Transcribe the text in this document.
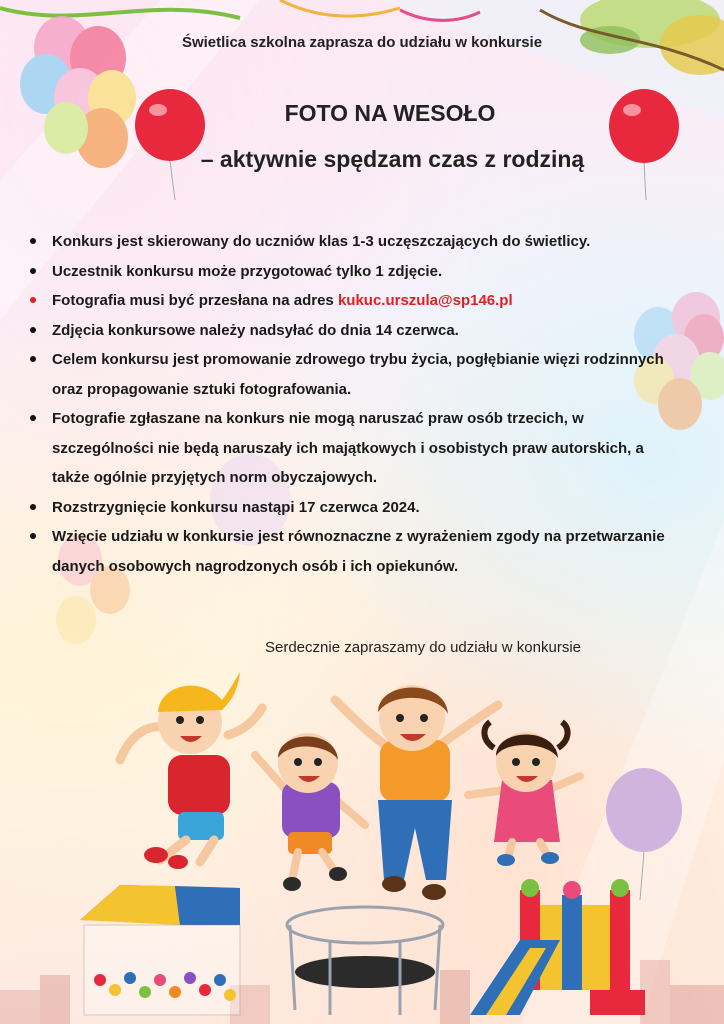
Świetlica szkolna zaprasza do udziału w konkursie
FOTO NA WESOŁO
– aktywnie spędzam czas z rodziną
Konkurs jest skierowany do uczniów klas 1-3 uczęszczających do świetlicy.
Uczestnik konkursu może przygotować tylko 1 zdjęcie.
Fotografia musi być przesłana na adres kukuc.urszula@sp146.pl
Zdjęcia konkursowe należy nadsyłać do dnia 14 czerwca.
Celem konkursu jest promowanie zdrowego trybu życia, pogłębianie więzi rodzinnych oraz propagowanie sztuki fotografowania.
Fotografie zgłaszane na konkurs nie mogą naruszać praw osób trzecich, w szczególności nie będą naruszały ich majątkowych i osobistych praw autorskich, a także ogólnie przyjętych norm obyczajowych.
Rozstrzygnięcie konkursu nastąpi 17 czerwca 2024.
Wzięcie udziału w konkursie jest równoznaczne z wyrażeniem zgody na przetwarzanie danych osobowych nagrodzonych osób i ich opiekunów.
Serdecznie zapraszamy do udziału w konkursie
